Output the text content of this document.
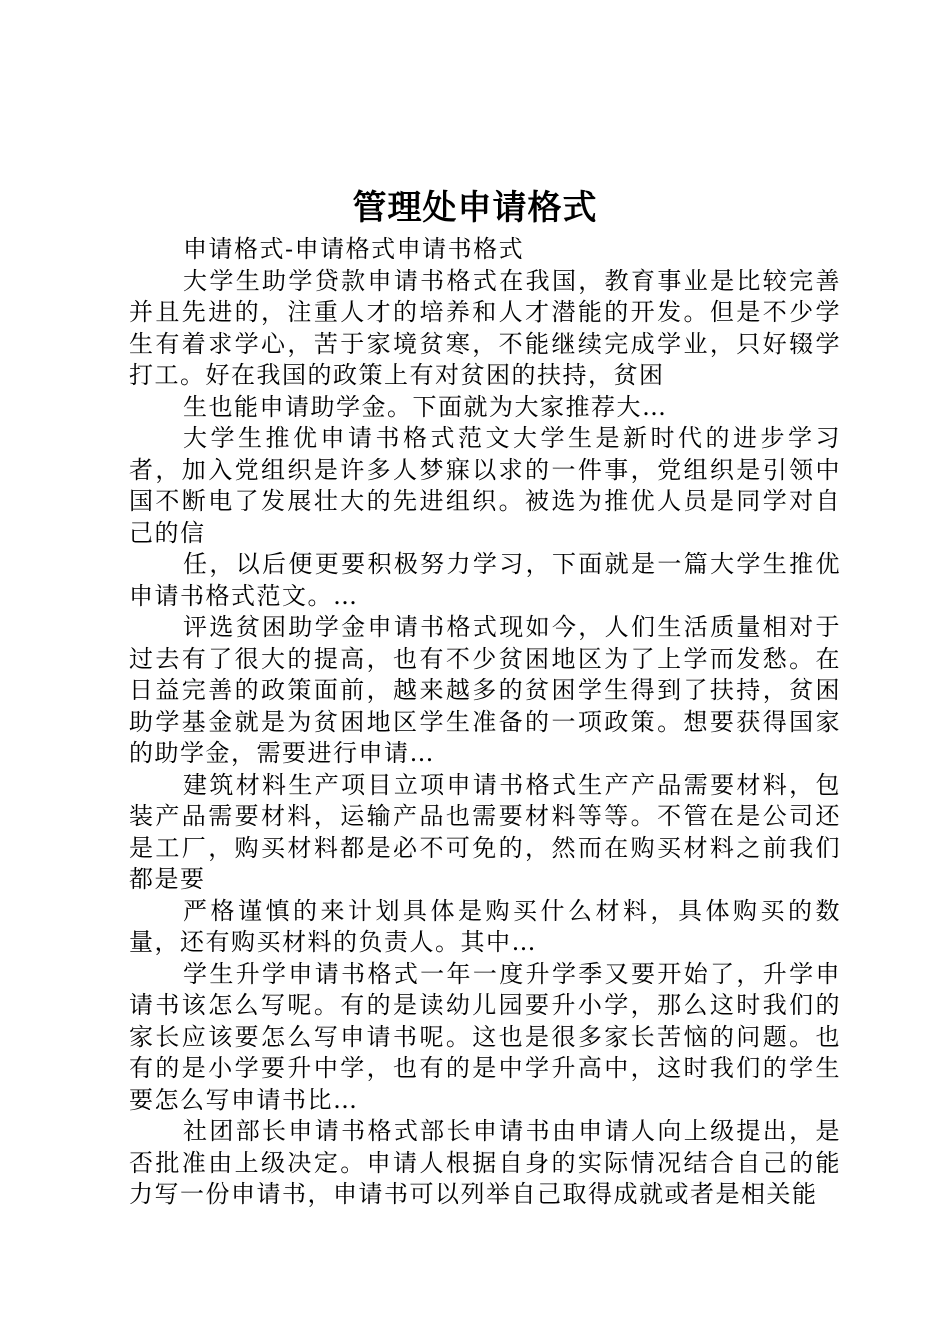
管理处申请格式

申请格式-申请格式申请书格式

大学生助学贷款申请书格式在我国，教育事业是比较完善并且先进的，注重人才的培养和人才潜能的开发。但是不少学生有着求学心，苦于家境贫寒，不能继续完成学业，只好辍学打工。好在我国的政策上有对贫困的扶持，贫困

生也能申请助学金。下面就为大家推荐大…

大学生推优申请书格式范文大学生是新时代的进步学习者，加入党组织是许多人梦寐以求的一件事，党组织是引领中国不断电了发展壮大的先进组织。被选为推优人员是同学对自己的信

任，以后便更要积极努力学习，下面就是一篇大学生推优申请书格式范文。…

评选贫困助学金申请书格式现如今，人们生活质量相对于过去有了很大的提高，也有不少贫困地区为了上学而发愁。在日益完善的政策面前，越来越多的贫困学生得到了扶持，贫困助学基金就是为贫困地区学生准备的一项政策。想要获得国家的助学金，需要进行申请…

建筑材料生产项目立项申请书格式生产产品需要材料，包装产品需要材料，运输产品也需要材料等等。不管在是公司还是工厂，购买材料都是必不可免的，然而在购买材料之前我们都是要

严格谨慎的来计划具体是购买什么材料，具体购买的数量，还有购买材料的负责人。其中…

学生升学申请书格式一年一度升学季又要开始了，升学申请书该怎么写呢。有的是读幼儿园要升小学，那么这时我们的家长应该要怎么写申请书呢。这也是很多家长苦恼的问题。也有的是小学要升中学，也有的是中学升高中，这时我们的学生要怎么写申请书比…

社团部长申请书格式部长申请书由申请人向上级提出，是否批准由上级决定。申请人根据自身的实际情况结合自己的能力写一份申请书，申请书可以列举自己取得成就或者是相关能
